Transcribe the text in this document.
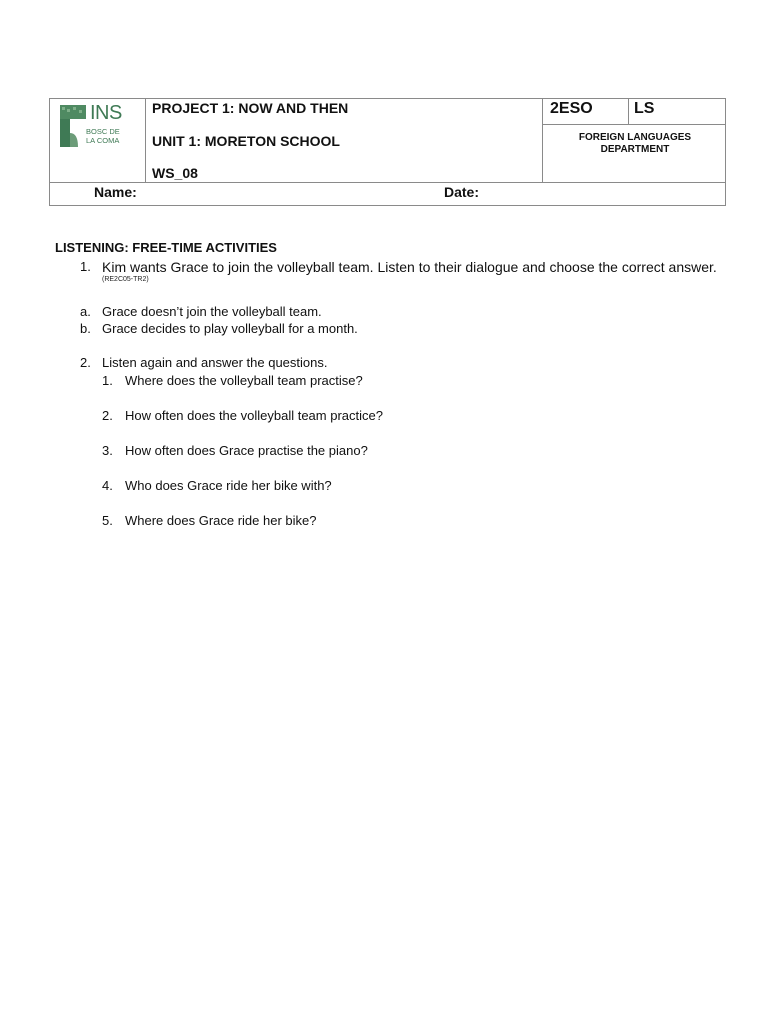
INS
BOSC DE
LA COMA
PROJECT 1: NOW AND THEN
UNIT 1: MORETON SCHOOL
WS_08
2ESO	LS
FOREIGN LANGUAGES DEPARTMENT
Name:	Date:
LISTENING: FREE-TIME ACTIVITIES
1. Kim wants Grace to join the volleyball team. Listen to their dialogue and choose the correct answer.
(RE2C05-TR2)
a. Grace doesn’t join the volleyball team.
b. Grace decides to play volleyball for a month.
2. Listen again and answer the questions.
1. Where does the volleyball team practise?
2. How often does the volleyball team practice?
3. How often does Grace practise the piano?
4. Who does Grace ride her bike with?
5. Where does Grace ride her bike?
